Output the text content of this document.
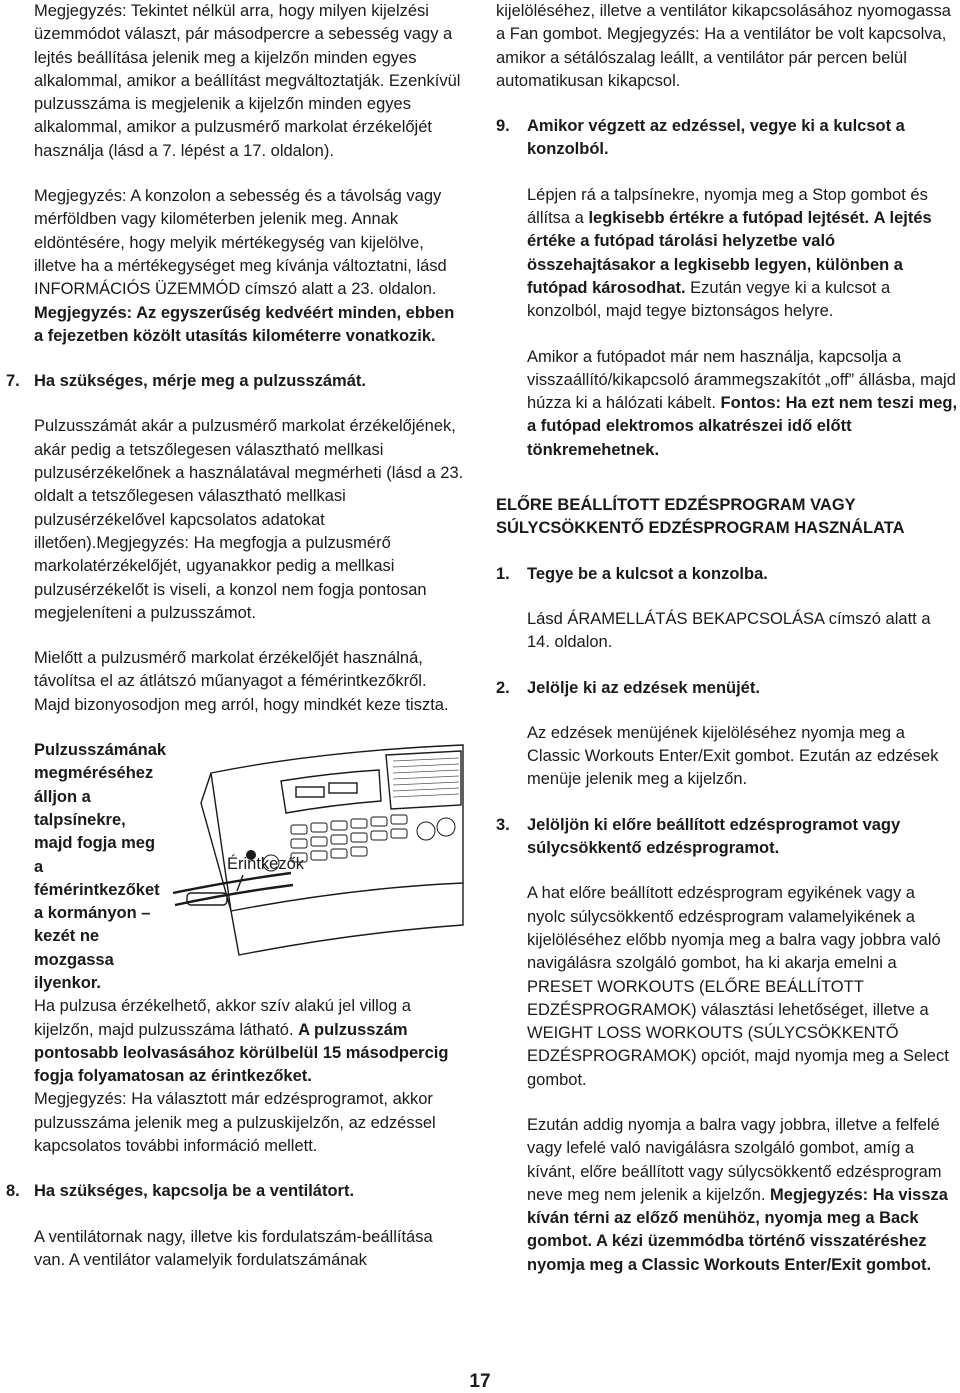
Megjegyzés: Tekintet nélkül arra, hogy milyen kijelzési üzemmódot választ, pár másodpercre a sebesség vagy a lejtés beállítása jelenik meg a kijelzőn minden egyes alkalommal, amikor a beállítást megváltoztatják. Ezenkívül pulzusszáma is megjelenik a kijelzőn minden egyes alkalommal, amikor a pulzusmérő markolat érzékelőjét használja (lásd a 7. lépést a 17. oldalon).

Megjegyzés: A konzolon a sebesség és a távolság vagy mérföldben vagy kilométerben jelenik meg. Annak eldöntésére, hogy melyik mértékegység van kijelölve, illetve ha a mértékegységet meg kívánja változtatni, lásd INFORMÁCIÓS ÜZEMMÓD címszó alatt a 23. oldalon. Megjegyzés: Az egyszerűség kedvéért minden, ebben a fejezetben közölt utasítás kilométerre vonatkozik.

7. Ha szükséges, mérje meg a pulzusszámát.

Pulzusszámát akár a pulzusmérő markolat érzékelőjének, akár pedig a tetszőlegesen választható mellkasi pulzusérzékelőnek a használatával megmérheti (lásd a 23. oldalt a tetszőlegesen választható mellkasi pulzusérzékelővel kapcsolatos adatokat illetően).Megjegyzés: Ha megfogja a pulzusmérő markolatérzékelőjét, ugyanakkor pedig a mellkasi pulzusérzékelőt is viseli, a konzol nem fogja pontosan megjeleníteni a pulzusszámot.

Mielőtt a pulzusmérő markolat érzékelőjét használná, távolítsa el az átlátszó műanyagot a fémérintkezőkről. Majd bizonyosodjon meg arról, hogy mindkét keze tiszta.

Érintkezők
Pulzusszámának megméréséhez álljon a talpsínekre, majd fogja meg a fémérintkezőket a kormányon – kezét ne mozgassa ilyenkor.

Ha pulzusa érzékelhető, akkor szív alakú jel villog a kijelzőn, majd pulzusszáma látható. A pulzusszám pontosabb leolvasásához körülbelül 15 másodpercig fogja folyamatosan az érintkezőket.

Megjegyzés: Ha választott már edzésprogramot, akkor pulzusszáma jelenik meg a pulzuskijelzőn, az edzéssel kapcsolatos további információ mellett.

8. Ha szükséges, kapcsolja be a ventilátort.

A ventilátornak nagy, illetve kis fordulatszám-beállítása van. A ventilátor valamelyik fordulatszámának

kijelöléséhez, illetve a ventilátor kikapcsolásához nyomogassa a Fan gombot. Megjegyzés: Ha a ventilátor be volt kapcsolva, amikor a sétálószalag leállt, a ventilátor pár percen belül automatikusan kikapcsol.

9. Amikor végzett az edzéssel, vegye ki a kulcsot a konzolból.

Lépjen rá a talpsínekre, nyomja meg a Stop gombot és állítsa a legkisebb értékre a futópad lejtését. A lejtés értéke a futópad tárolási helyzetbe való összehajtásakor a legkisebb legyen, különben a futópad károsodhat. Ezután vegye ki a kulcsot a konzolból, majd tegye biztonságos helyre.

Amikor a futópadot már nem használja, kapcsolja a visszaállító/kikapcsoló árammegszakítót „off” állásba, majd húzza ki a hálózati kábelt. Fontos: Ha ezt nem teszi meg, a futópad elektromos alkatrészei idő előtt tönkremehetnek.

ELŐRE BEÁLLÍTOTT EDZÉSPROGRAM VAGY SÚLYCSÖKKENTŐ EDZÉSPROGRAM HASZNÁLATA

1. Tegye be a kulcsot a konzolba.

Lásd ÁRAMELLÁTÁS BEKAPCSOLÁSA címszó alatt a 14. oldalon.

2. Jelölje ki az edzések menüjét.

Az edzések menüjének kijelöléséhez nyomja meg a Classic Workouts Enter/Exit gombot. Ezután az edzések menüje jelenik meg a kijelzőn.

3. Jelöljön ki előre beállított edzésprogramot vagy súlycsökkentő edzésprogramot.

A hat előre beállított edzésprogram egyikének vagy a nyolc súlycsökkentő edzésprogram valamelyikének a kijelöléséhez előbb nyomja meg a balra vagy jobbra való navigálásra szolgáló gombot, ha ki akarja emelni a PRESET WORKOUTS (ELŐRE BEÁLLÍTOTT EDZÉSPROGRAMOK) választási lehetőséget, illetve a WEIGHT LOSS WORKOUTS (SÚLYCSÖKKENTŐ EDZÉSPROGRAMOK) opciót, majd nyomja meg a Select gombot.

Ezután addig nyomja a balra vagy jobbra, illetve a felfelé vagy lefelé való navigálásra szolgáló gombot, amíg a kívánt, előre beállított vagy súlycsökkentő edzésprogram neve meg nem jelenik a kijelzőn. Megjegyzés: Ha vissza kíván térni az előző menühöz, nyomja meg a Back gombot. A kézi üzemmódba történő visszatéréshez nyomja meg a Classic Workouts Enter/Exit gombot.

17
